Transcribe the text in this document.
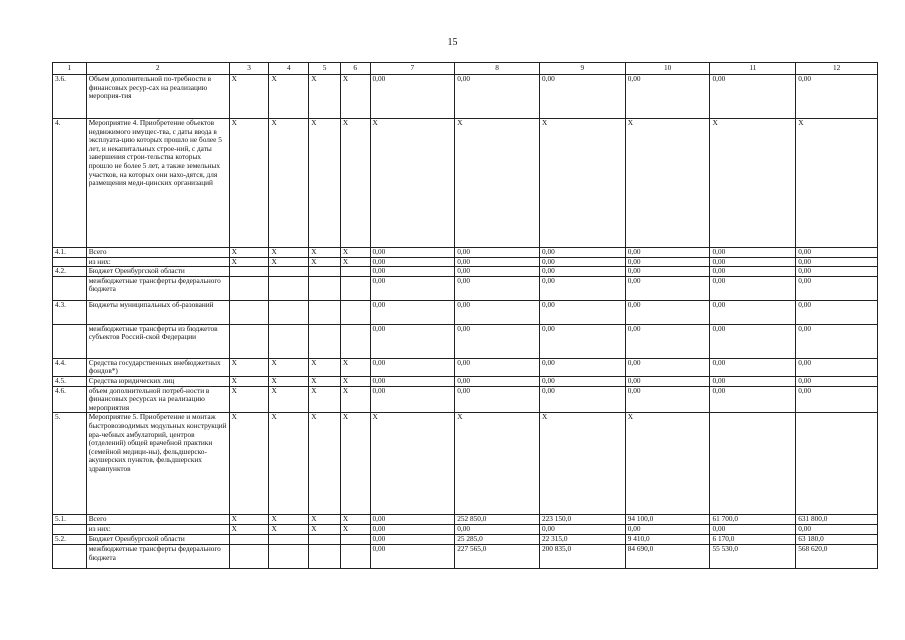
15
1	2	3	4	5	6	7	8	9	10	11	12
3.6.	Объем дополнительной по-требности в финансовых ресур-сах на реализацию мероприя-тия	X	X	X	X	0,00	0,00	0,00	0,00	0,00	0,00
4.	Мероприятие 4. Приобретение объектов недвижимого имущес-тва, с даты ввода в эксплуата-цию которых прошло не более 5 лет, и некапитальных строе-ний, с даты завершения строи-тельства которых прошло не более 5 лет, а также земельных участков, на которых они нахо-дятся, для размещения меди-цинских организаций	X	X	X	X	X	X	X	X	X	X
4.1.	Всего	X	X	X	X	0,00	0,00	0,00	0,00	0,00	0,00
	из них:	X	X	X	X	0,00	0,00	0,00	0,00	0,00	0,00
4.2.	Бюджет Оренбургской области					0,00	0,00	0,00	0,00	0,00	0,00
	межбюджетные трансферты федерального бюджета					0,00	0,00	0,00	0,00	0,00	0,00
4.3.	Бюджеты муниципальных об-разований					0,00	0,00	0,00	0,00	0,00	0,00
	межбюджетные трансферты из бюджетов субъектов Россий-ской Федерации					0,00	0,00	0,00	0,00	0,00	0,00
4.4.	Средства государственных внебюджетных фондов*)	X	X	X	X	0,00	0,00	0,00	0,00	0,00	0,00
4.5.	Средства юридических лиц	X	X	X	X	0,00	0,00	0,00	0,00	0,00	0,00
4.6.	объем дополнительной потреб-ности в финансовых ресурсах на реализацию мероприятия	X	X	X	X	0,00	0,00	0,00	0,00	0,00	0,00
5.	Мероприятие 5. Приобретение и монтаж быстровозводимых модульных конструкций вра-чебных амбулаторий, центров (отделений) общей врачебной практики (семейной медици-ны), фельдшерско-акушерских пунктов, фельдшерских здравпунктов	X	X	X	X	X	X	X	X		
5.1.	Всего	X	X	X	X	0,00	252 850,0	223 150,0	94 100,0	61 700,0	631 800,0
	из них:	X	X	X	X	0,00	0,00	0,00	0,00	0,00	0,00
5.2.	Бюджет Оренбургской области					0,00	25 285,0	22 315,0	9 410,0	6 170,0	63 180,0
	межбюджетные трансферты федерального бюджета					0,00	227 565,0	200 835,0	84 690,0	55 530,0	568 620,0
